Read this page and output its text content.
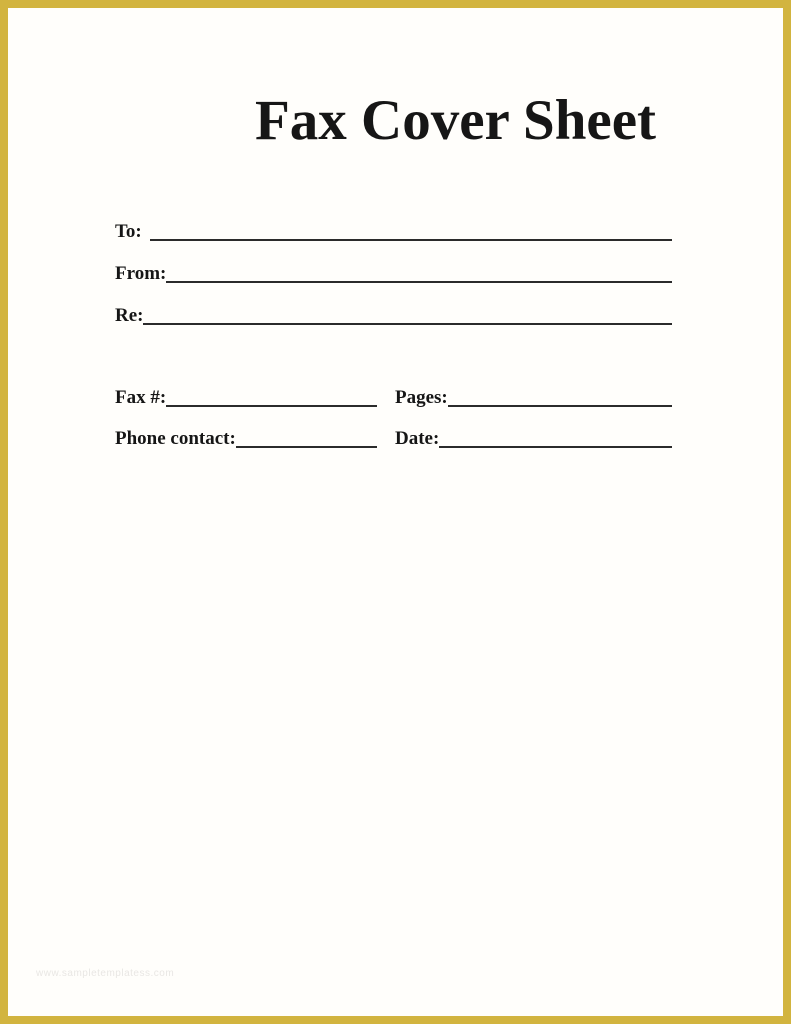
Fax Cover Sheet
To:
From:
Re:
Fax #:	Pages:
Phone contact:	Date:
www.sampletemplatess.com
